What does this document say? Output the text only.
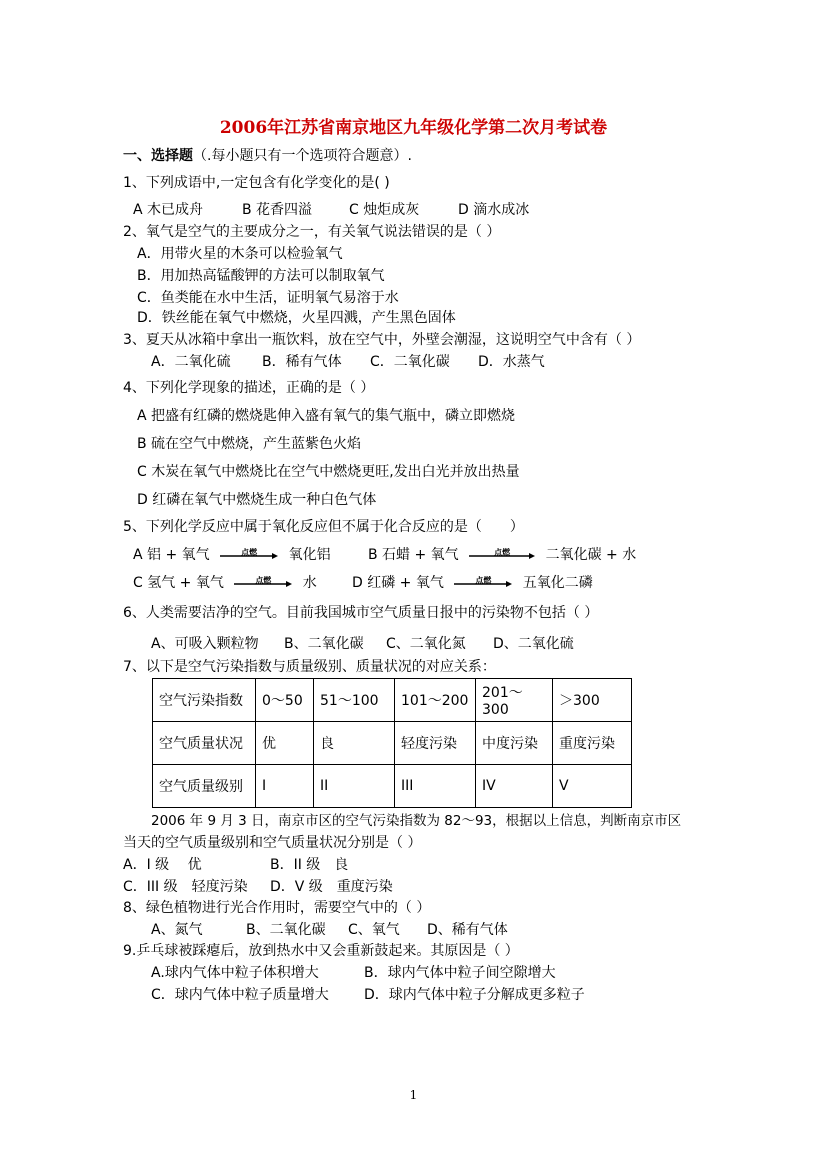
2006年江苏省南京地区九年级化学第二次月考试卷
一、选择题（.每小题只有一个选项符合题意）.
1、下列成语中,一定包含有化学变化的是( )
A 木已成舟	B 花香四溢	C 烛炬成灰	D 滴水成冰
2、氧气是空气的主要成分之一，有关氧气说法错误的是（ ）
A．用带火星的木条可以检验氧气
B．用加热高锰酸钾的方法可以制取氧气
C．鱼类能在水中生活，证明氧气易溶于水
D．铁丝能在氧气中燃烧，火星四溅，产生黑色固体
3、夏天从冰箱中拿出一瓶饮料，放在空气中，外壁会潮湿，这说明空气中含有（ ）
A．二氧化硫 B．稀有气体 C．二氧化碳 D．水蒸气
4、下列化学现象的描述，正确的是（ ）
A 把盛有红磷的燃烧匙伸入盛有氧气的集气瓶中，磷立即燃烧
B 硫在空气中燃烧，产生蓝紫色火焰
C 木炭在氧气中燃烧比在空气中燃烧更旺,发出白光并放出热量
D 红磷在氧气中燃烧生成一种白色气体
5、下列化学反应中属于氧化反应但不属于化合反应的是（　　）
A 铝 + 氧气	点燃	氧化铝	B 石蜡 + 氧气	点燃	二氧化碳 + 水
C 氢气 + 氧气	点燃	水	D 红磷 + 氧气	点燃	五氧化二磷
6、人类需要洁净的空气。目前我国城市空气质量日报中的污染物不包括（ ）
A、可吸入颗粒物 B、二氧化碳 C、二氧化氮 D、二氧化硫
7、以下是空气污染指数与质量级别、质量状况的对应关系：
空气污染指数	0～50	51～100	101～200	201～300	＞300
空气质量状况	优	良	轻度污染	中度污染	重度污染
空气质量级别	I	II	III	IV	V
2006 年 9 月 3 日，南京市区的空气污染指数为 82～93，根据以上信息，判断南京市区
当天的空气质量级别和空气质量状况分别是（ ）
A．I 级　 优	B．II 级　良
C．III 级　轻度污染 D．V 级　重度污染
8、绿色植物进行光合作用时，需要空气中的（ ）
A、氮气	B、二氧化碳 C、氧气 D、稀有气体
9.乒乓球被踩瘪后，放到热水中又会重新鼓起来。其原因是（ ）
A.球内气体中粒子体积增大	B．球内气体中粒子间空隙增大
C．球内气体中粒子质量增大	D．球内气体中粒子分解成更多粒子
1
